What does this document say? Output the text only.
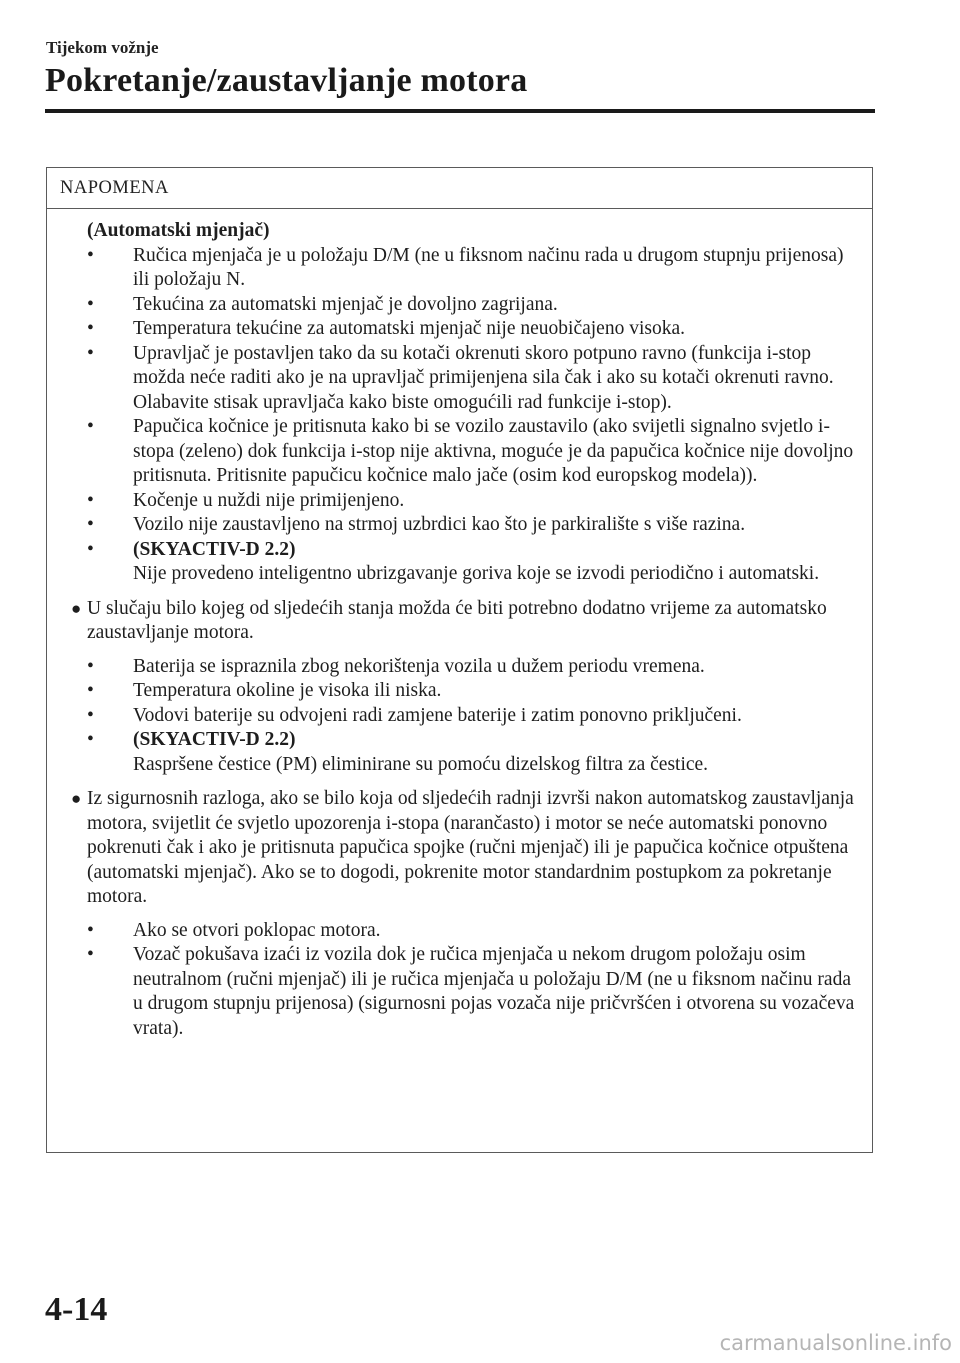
Tijekom vožnje
Pokretanje/zaustavljanje motora
NAPOMENA
(Automatski mjenjač)
• Ručica mjenjača je u položaju D/M (ne u fiksnom načinu rada u drugom stupnju prijenosa) ili položaju N.
• Tekućina za automatski mjenjač je dovoljno zagrijana.
• Temperatura tekućine za automatski mjenjač nije neuobičajeno visoka.
• Upravljač je postavljen tako da su kotači okrenuti skoro potpuno ravno (funkcija i-stop možda neće raditi ako je na upravljač primijenjena sila čak i ako su kotači okrenuti ravno. Olabavite stisak upravljača kako biste omogućili rad funkcije i-stop).
• Papučica kočnice je pritisnuta kako bi se vozilo zaustavilo (ako svijetli signalno svjetlo i-stopa (zeleno) dok funkcija i-stop nije aktivna, moguće je da papučica kočnice nije dovoljno pritisnuta. Pritisnite papučicu kočnice malo jače (osim kod europskog modela)).
• Kočenje u nuždi nije primijenjeno.
• Vozilo nije zaustavljeno na strmoj uzbrdici kao što je parkiralište s više razina.
• (SKYACTIV-D 2.2)
Nije provedeno inteligentno ubrizgavanje goriva koje se izvodi periodično i automatski.
● U slučaju bilo kojeg od sljedećih stanja možda će biti potrebno dodatno vrijeme za automatsko zaustavljanje motora.
• Baterija se ispraznila zbog nekorištenja vozila u dužem periodu vremena.
• Temperatura okoline je visoka ili niska.
• Vodovi baterije su odvojeni radi zamjene baterije i zatim ponovno priključeni.
• (SKYACTIV-D 2.2)
Raspršene čestice (PM) eliminirane su pomoću dizelskog filtra za čestice.
● Iz sigurnosnih razloga, ako se bilo koja od sljedećih radnji izvrši nakon automatskog zaustavljanja motora, svijetlit će svjetlo upozorenja i-stopa (narančasto) i motor se neće automatski ponovno pokrenuti čak i ako je pritisnuta papučica spojke (ručni mjenjač) ili je papučica kočnice otpuštena (automatski mjenjač). Ako se to dogodi, pokrenite motor standardnim postupkom za pokretanje motora.
• Ako se otvori poklopac motora.
• Vozač pokušava izaći iz vozila dok je ručica mjenjača u nekom drugom položaju osim neutralnom (ručni mjenjač) ili je ručica mjenjača u položaju D/M (ne u fiksnom načinu rada u drugom stupnju prijenosa) (sigurnosni pojas vozača nije pričvršćen i otvorena su vozačeva vrata).
4-14
carmanualsonline.info
